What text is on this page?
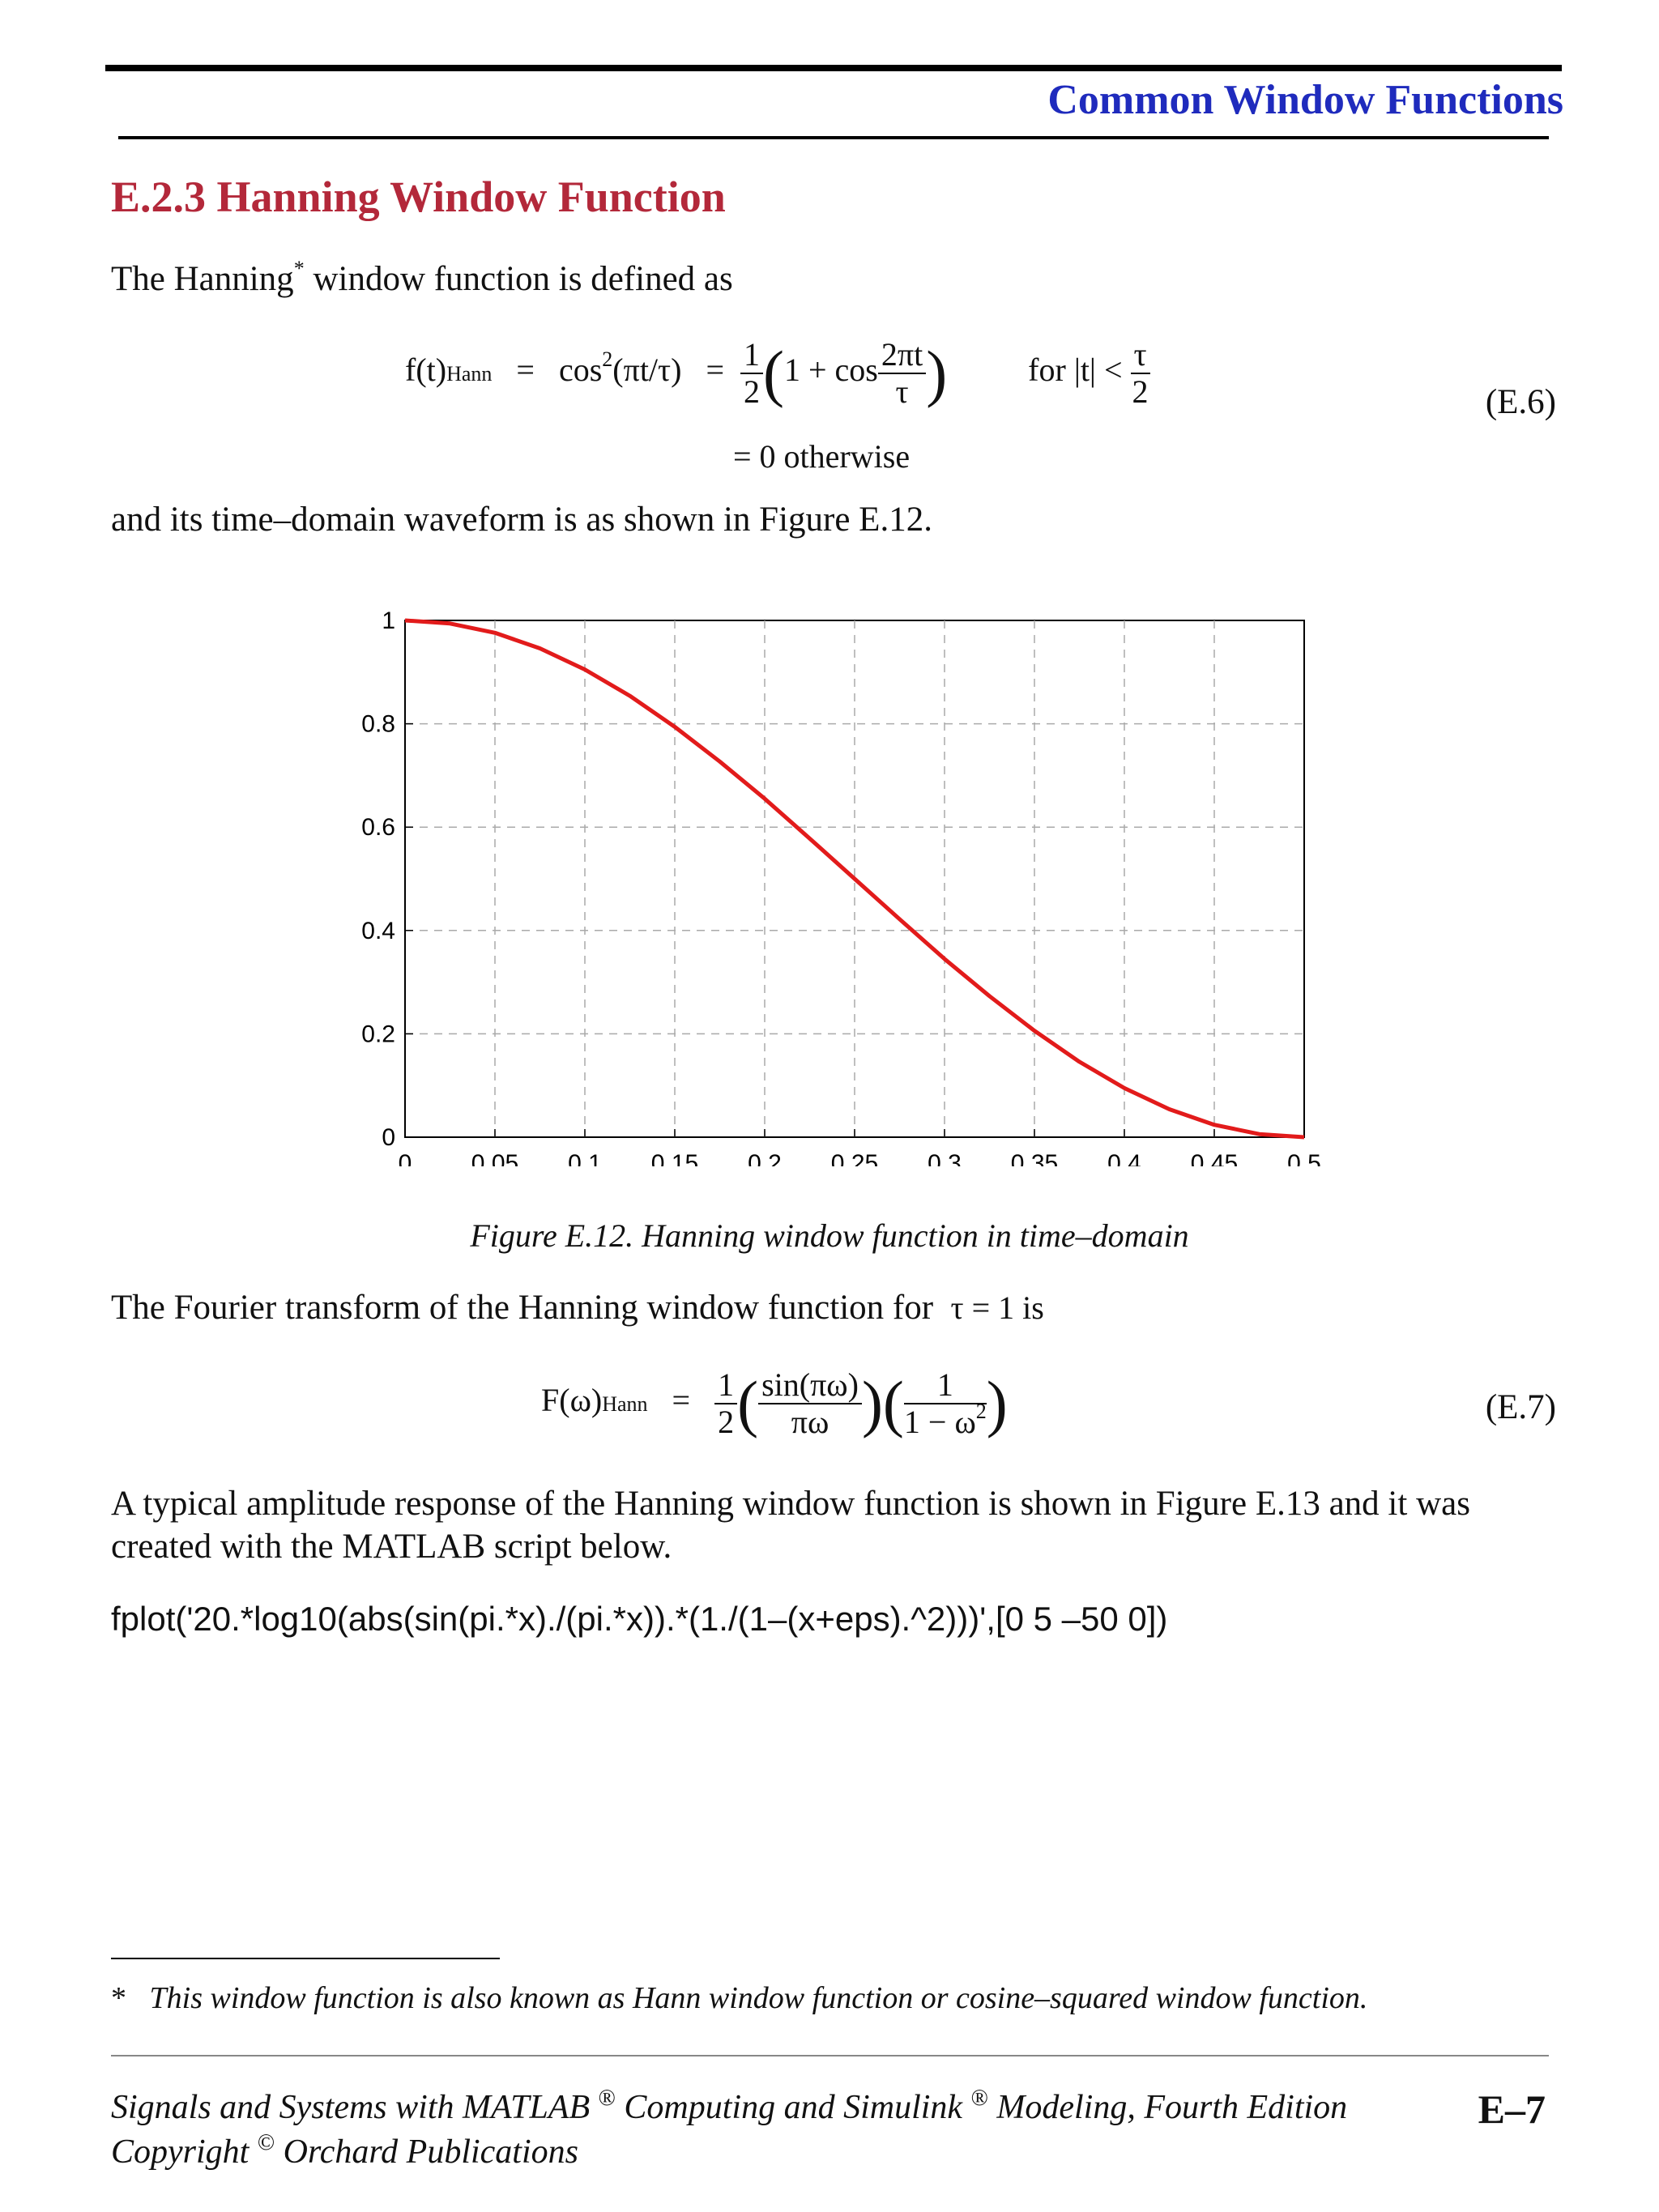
Common Window Functions
E.2.3 Hanning Window Function
The Hanning* window function is defined as
f(t)Hann = $\cos^2(\pi t/\tau) = \frac{1}{2} (1 + \cos \frac{2\pi t}{\tau}$ )	for $|t| < \frac{\tau}{2}$	(E.6)
= 0 otherwise
and its time–domain waveform is as shown in Figure E.12.
0 0.05 0.1 0.15 0.2 0.25 0.3 0.35 0.4 0.45 0.5
0
0.2
0.4
0.6
0.8
1
Figure E.12. Hanning window function in time–domain
The Fourier transform of the Hanning window function for τ = 1 is
F(ω)Hann = $\frac{1}{2}$ ( $\frac{\sin(\pi\omega)}{\pi\omega}$ )( $\frac{1}{1 - \omega^2}$ )	(E.7)
A typical amplitude response of the Hanning window function is shown in Figure E.13 and it was
created with the MATLAB script below.
fplot('20.*log10(abs(sin(pi.*x)./(pi.*x)).*(1./(1–(x+eps).^2)))',[0 5 –50 0])
* This window function is also known as Hann window function or cosine–squared window function.
Signals and Systems with MATLAB ® Computing and Simulink ® Modeling, Fourth Edition
Copyright © Orchard Publications
E–7
